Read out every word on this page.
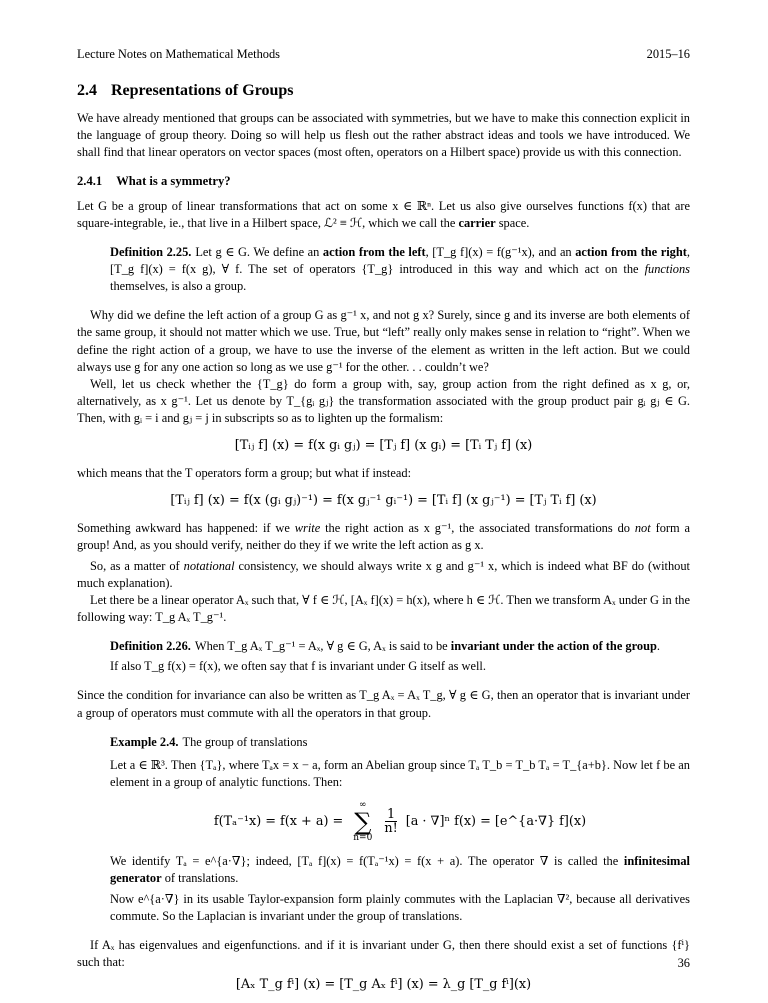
Lecture Notes on Mathematical Methods	2015–16
2.4 Representations of Groups

We have already mentioned that groups can be associated with symmetries, but we have to make this connection explicit in the language of group theory. Doing so will help us flesh out the rather abstract ideas and tools we have introduced. We shall find that linear operators on vector spaces (most often, operators on a Hilbert space) provide us with this connection.

2.4.1 What is a symmetry?

Let G be a group of linear transformations that act on some x ∈ ℝⁿ. Let us also give ourselves functions f(x) that are square-integrable, ie., that live in a Hilbert space, ℒ² ≡ ℋ, which we call the carrier space.

Definition 2.25. Let g ∈ G. We define an action from the left, [T_g f](x) = f(g⁻¹x), and an action from the right, [T_g f](x) = f(x g), ∀ f. The set of operators {T_g} introduced in this way and which act on the functions themselves, is also a group.

Why did we define the left action of a group G as g⁻¹ x, and not g x? Surely, since g and its inverse are both elements of the same group, it should not matter which we use. True, but “left” really only makes sense in relation to “right”. When we define the right action of a group, we have to use the inverse of the element as written in the left action. But we could always use g for any one action so long as we use g⁻¹ for the other. . . couldn’t we?

Well, let us check whether the {T_g} do form a group with, say, group action from the right defined as x g, or, alternatively, as x g⁻¹. Let us denote by T_{gᵢ gⱼ} the transformation associated with the group product pair gᵢ gⱼ ∈ G. Then, with gᵢ = i and gⱼ = j in subscripts so as to lighten up the formalism:

[Tᵢⱼ f] (x) = f(x gᵢ gⱼ) = [Tⱼ f] (x gᵢ) = [Tᵢ Tⱼ f] (x)

which means that the T operators form a group; but what if instead:

[Tᵢⱼ f] (x) = f(x (gᵢ gⱼ)⁻¹) = f(x gⱼ⁻¹ gᵢ⁻¹) = [Tᵢ f] (x gⱼ⁻¹) = [Tⱼ Tᵢ f] (x)

Something awkward has happened: if we write the right action as x g⁻¹, the associated transformations do not form a group! And, as you should verify, neither do they if we write the left action as g x.

So, as a matter of notational consistency, we should always write x g and g⁻¹ x, which is indeed what BF do (without much explanation).

Let there be a linear operator Aₓ such that, ∀ f ∈ ℋ, [Aₓ f](x) = h(x), where h ∈ ℋ. Then we transform Aₓ under G in the following way: T_g Aₓ T_g⁻¹.

Definition 2.26. When T_g Aₓ T_g⁻¹ = Aₓ, ∀ g ∈ G, Aₓ is said to be invariant under the action of the group.

If also T_g f(x) = f(x), we often say that f is invariant under G itself as well.

Since the condition for invariance can also be written as T_g Aₓ = Aₓ T_g, ∀ g ∈ G, then an operator that is invariant under a group of operators must commute with all the operators in that group.

Example 2.4. The group of translations

Let a ∈ ℝ³. Then {Tₐ}, where Tₐx = x − a, form an Abelian group since Tₐ T_b = T_b Tₐ = T_{a+b}. Now let f be an element in a group of analytic functions. Then:

f(Tₐ⁻¹x) = f(x + a) =
∞
∑
n=0
$\frac{1}{n!} [a \cdot \nabla]^n$ f(x) = [e^{a·∇} f](x)

We identify Tₐ = e^{a·∇}; indeed, [Tₐ f](x) = f(Tₐ⁻¹x) = f(x + a). The operator ∇ is called the infinitesimal generator of translations.

Now e^{a·∇} in its usable Taylor-expansion form plainly commutes with the Laplacian ∇², because all derivatives commute. So the Laplacian is invariant under the group of translations.

If Aₓ has eigenvalues and eigenfunctions. and if it is invariant under G, then there should exist a set of functions {fⁱ} such that:

[Aₓ T_g fⁱ] (x) = [T_g Aₓ fⁱ] (x) = λ_g [T_g fⁱ](x)
36
